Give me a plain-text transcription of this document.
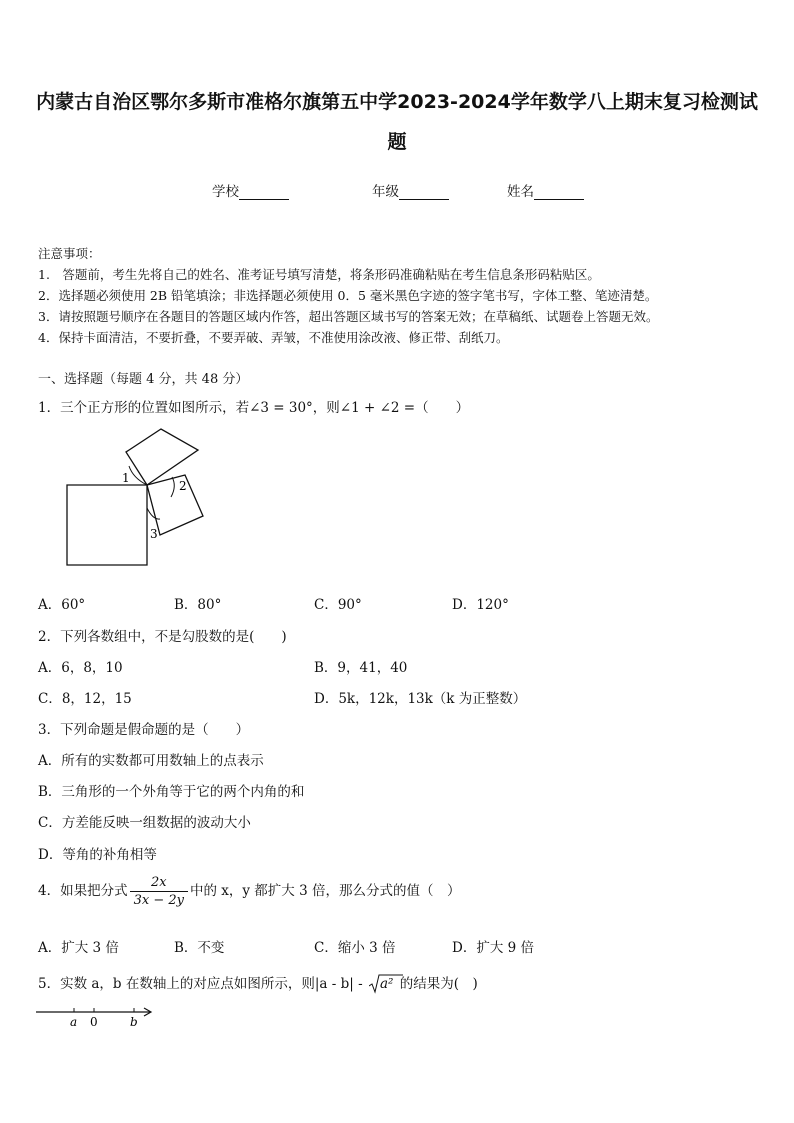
内蒙古自治区鄂尔多斯市准格尔旗第五中学2023-2024学年数学八上期末复习检测试
题
学校	年级	姓名
注意事项：
1.　答题前，考生先将自己的姓名、准考证号填写清楚，将条形码准确粘贴在考生信息条形码粘贴区。
2．选择题必须使用 2B 铅笔填涂；非选择题必须使用 0．5 毫米黑色字迹的签字笔书写，字体工整、笔迹清楚。
3．请按照题号顺序在各题目的答题区域内作答，超出答题区域书写的答案无效；在草稿纸、试题卷上答题无效。
4．保持卡面清洁，不要折叠，不要弄破、弄皱，不准使用涂改液、修正带、刮纸刀。
一、选择题（每题 4 分，共 48 分）
1．三个正方形的位置如图所示，若∠3 = 30°，则∠1 + ∠2 =（　　）
1
2
3
A．60°	B．80°	C．90°	D．120°
2．下列各数组中，不是勾股数的是(　　)
A．6，8，10	B．9，41，40
C．8，12，15	D．5k，12k，13k（k 为正整数）
3．下列命题是假命题的是（　　）
A．所有的实数都可用数轴上的点表示
B．三角形的一个外角等于它的两个内角的和
C．方差能反映一组数据的波动大小
D．等角的补角相等
4．如果把分式 $\frac{2x}{3x - 2y}$ 中的 x，y 都扩大 3 倍，那么分式的值（　）
A．扩大 3 倍	B．不变	C．缩小 3 倍	D．扩大 9 倍
5．实数 a，b 在数轴上的对应点如图所示，则|a - b| - a² 的结果为(　)
a 0	b
